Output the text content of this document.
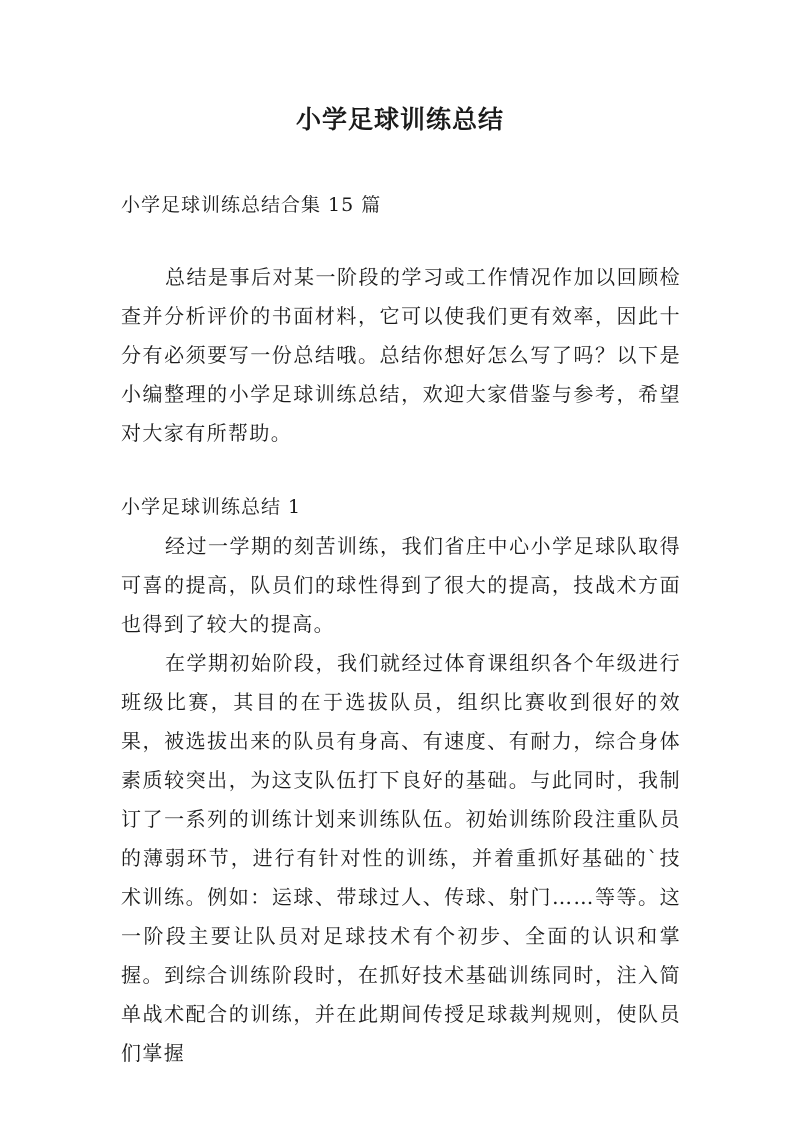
小学足球训练总结
小学足球训练总结合集 15 篇

总结是事后对某一阶段的学习或工作情况作加以回顾检查并分析评价的书面材料，它可以使我们更有效率，因此十分有必须要写一份总结哦。总结你想好怎么写了吗？以下是小编整理的小学足球训练总结，欢迎大家借鉴与参考，希望对大家有所帮助。

小学足球训练总结 1

经过一学期的刻苦训练，我们省庄中心小学足球队取得可喜的提高，队员们的球性得到了很大的提高，技战术方面也得到了较大的提高。

在学期初始阶段，我们就经过体育课组织各个年级进行班级比赛，其目的在于选拔队员，组织比赛收到很好的效果，被选拔出来的队员有身高、有速度、有耐力，综合身体素质较突出，为这支队伍打下良好的基础。与此同时，我制订了一系列的训练计划来训练队伍。初始训练阶段注重队员的薄弱环节，进行有针对性的训练，并着重抓好基础的`技术训练。例如：运球、带球过人、传球、射门……等等。这一阶段主要让队员对足球技术有个初步、全面的认识和掌握。到综合训练阶段时，在抓好技术基础训练同时，注入简单战术配合的训练，并在此期间传授足球裁判规则，使队员们掌握
